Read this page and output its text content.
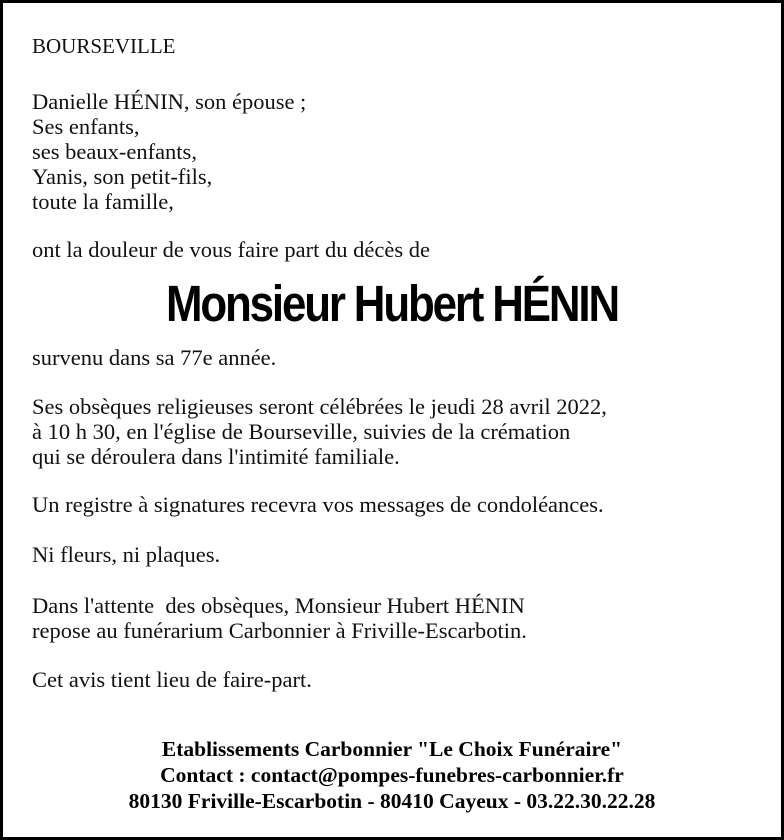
BOURSEVILLE

Danielle HÉNIN, son épouse ;
Ses enfants,
ses beaux-enfants,
Yanis, son petit-fils,
toute la famille,

ont la douleur de vous faire part du décès de

Monsieur Hubert HÉNIN

survenu dans sa 77e année.

Ses obsèques religieuses seront célébrées le jeudi 28 avril 2022,
à 10 h 30, en l'église de Bourseville, suivies de la crémation
qui se déroulera dans l'intimité familiale.

Un registre à signatures recevra vos messages de condoléances.

Ni fleurs, ni plaques.

Dans l'attente  des obsèques, Monsieur Hubert HÉNIN
repose au funérarium Carbonnier à Friville-Escarbotin.

Cet avis tient lieu de faire-part.

Etablissements Carbonnier "Le Choix Funéraire"
Contact : contact@pompes-funebres-carbonnier.fr
80130 Friville-Escarbotin - 80410 Cayeux - 03.22.30.22.28
